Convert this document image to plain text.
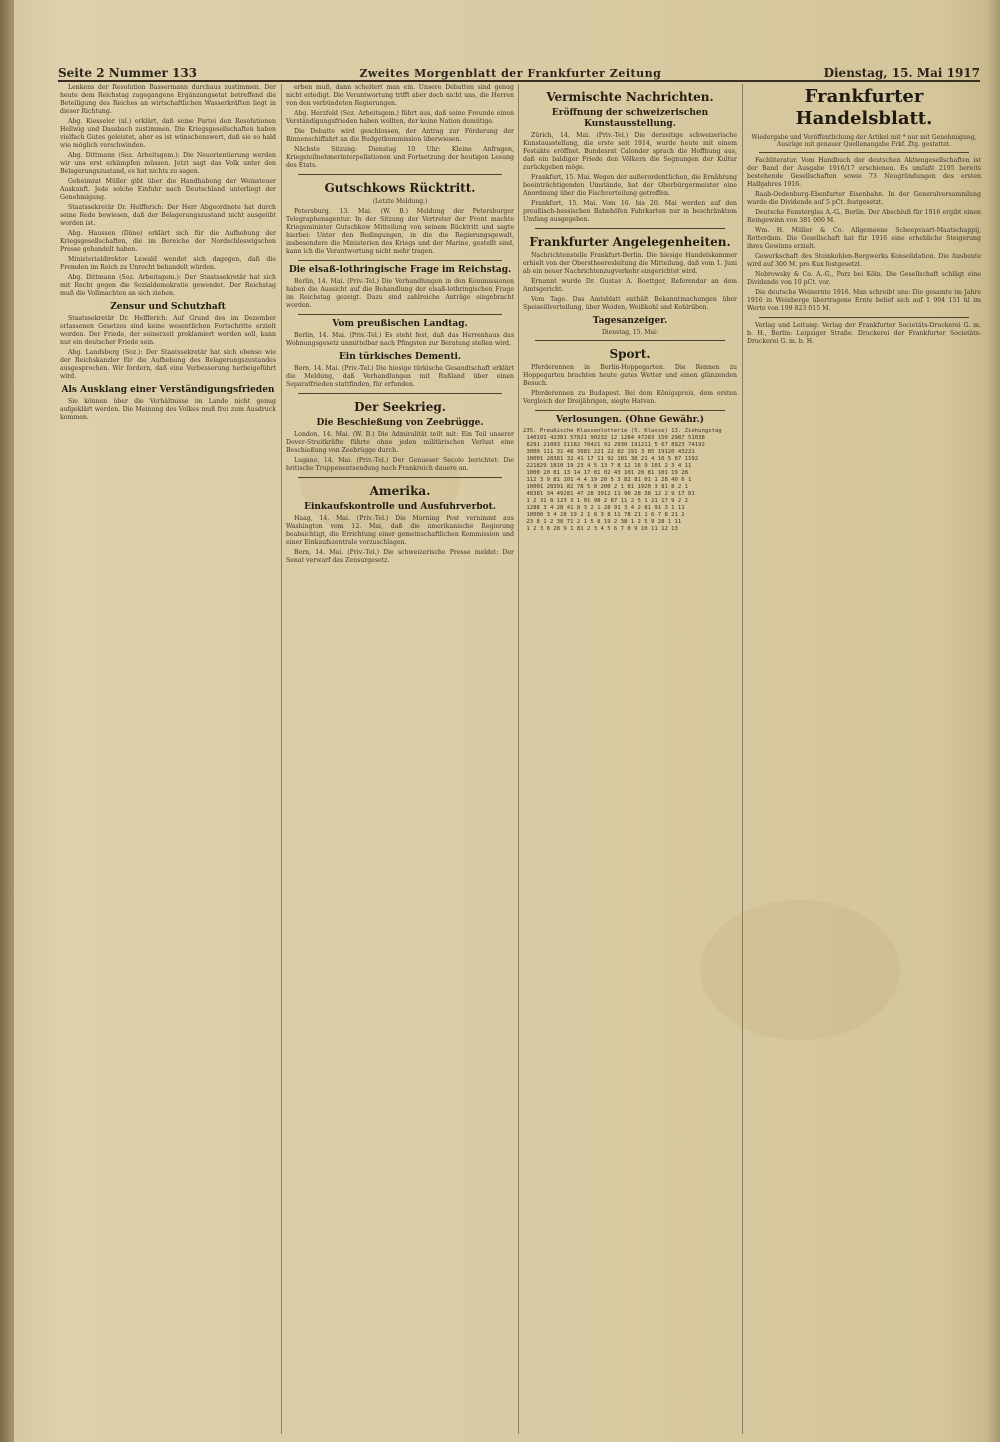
Seite 2 Nummer 133	Zweites Morgenblatt der Frankfurter Zeitung	Dienstag, 15. Mai 1917

Lenkens der Resolution Bassermann durchaus zustimmen. Der heute dem Reichstag zugegangene Ergänzungsetat betreffend die Beteiligung des Reiches an wirtschaftlichen Wasserkräften liegt in dieser Richtung.

Abg. Kiesseler (nl.) erklärt, daß seine Partei den Resolutionen Hellwig und Dassbach zustimmen. Die Kriegsgesellschaften haben vielfach Gutes geleistet, aber es ist wünschenswert, daß sie so bald wie möglich verschwinden.

Abg. Dittmann (Soz. Arbeitsgem.): Die Neuorientierung werden wir uns erst erkämpfen müssen. Jetzt sagt das Volk unter den Belagerungszustand, es hat nichts zu sagen.

Geheimrat Müller gibt über die Handhabung der Weinsteuer Auskunft. Jede solche Einfuhr nach Deutschland unterliegt der Genehmigung.

Staatssekretär Dr. Helfferich: Der Herr Abgeordnete hat durch seine Rede bewiesen, daß der Belagerungszustand nicht ausgeübt worden ist.

Abg. Haussen (Däne) erklärt sich für die Aufhebung der Kriegsgesellschaften, die im Bereiche der Nordschleswigschen Presse gehandelt haben.

Ministerialdirektor Lewald wendet sich dagegen, daß die Fremden im Reich zu Unrecht behandelt würden.

Abg. Dittmann (Soz. Arbeitsgem.): Der Staatssekretär hat sich mit Recht gegen die Sozialdemokratie gewendet. Der Reichstag muß die Vollmachten an sich ziehen.

Zensur und Schutzhaft

Staatssekretär Dr. Helfferich: Auf Grund des im Dezember erlassenen Gesetzes sind keine wesentlichen Fortschritte erzielt worden. Der Friede, der seinerzeit proklamiert werden soll, kann nur ein deutscher Friede sein.

Abg. Landsberg (Soz.): Der Staatssekretär hat sich ebenso wie der Reichskanzler für die Aufhebung des Belagerungszustandes ausgesprochen. Wir fordern, daß eine Verbesserung herbeigeführt wird.

Als Ausklang einer Verständigungsfrieden

Sie können über die Verhältnisse im Lande nicht genug aufgeklärt werden. Die Meinung des Volkes muß frei zum Ausdruck kommen.

erben muß, dann scheitert man ein. Unsere Debatten sind genug nicht erledigt. Die Verantwortung trifft aber doch nicht uns, die Herren von den verbündeten Regierungen.

Abg. Herzfeld (Soz. Arbeitsgem.) führt aus, daß seine Freunde einen Verständigungsfrieden haben wollten, der keine Nation demütige.

Die Debatte wird geschlossen, der Antrag zur Förderung der Binnenschiffahrt an die Budgetkommission überwiesen.

Nächste Sitzung: Dienstag 10 Uhr: Kleine Anfragen, Kriegsteilnehmerinterpellationen und Fortsetzung der heutigen Lesung des Etats.

Gutschkows Rücktritt.
(Letzte Meldung.)

Petersburg, 13. Mai. (W. B.) Meldung der Petersburger Telegraphenagentur. In der Sitzung der Vertreter der Front machte Kriegsminister Gutschkow Mitteilung von seinem Rücktritt und sagte hierbei: Unter den Bedingungen, in die die Regierungsgewalt, insbesondere die Ministerien des Kriegs und der Marine, gestellt sind, kann ich die Verantwortung nicht mehr tragen.

Die elsaß-lothringische Frage im Reichstag.

Berlin, 14. Mai. (Priv.-Tel.) Die Verhandlungen in den Kommissionen haben die Aussicht auf die Behandlung der elsaß-lothringischen Frage im Reichstag gezeigt. Dazu sind zahlreiche Anträge eingebracht worden.

Vom preußischen Landtag.

Berlin, 14. Mai. (Priv.-Tel.) Es steht fest, daß das Herrenhaus das Wohnungsgesetz unmittelbar nach Pfingsten zur Beratung stellen wird.

Ein türkisches Dementi.

Bern, 14. Mai. (Priv.-Tel.) Die hiesige türkische Gesandtschaft erklärt die Meldung, daß Verhandlungen mit Rußland über einen Separatfrieden stattfinden, für erfunden.

Der Seekrieg.
Die Beschießung von Zeebrügge.

London, 14. Mai. (W. B.) Die Admiralität teilt mit: Ein Teil unserer Dover-Streitkräfte führte ohne jeden militärischen Verlust eine Beschießung von Zeebrügge durch.

Lugano, 14. Mai. (Priv.-Tel.) Der Genueser Secolo berichtet: Die britische Truppenentsendung nach Frankreich dauere an.

Amerika.
Einkaufskontrolle und Ausfuhrverbot.

Haag, 14. Mai. (Priv.-Tel.) Die Morning Post vernimmt aus Washington vom 12. Mai, daß die amerikanische Regierung beabsichtigt, die Errichtung einer gemeinschaftlichen Kommission und einer Einkaufszentrale vorzuschlagen.

Bern, 14. Mai. (Priv.-Tel.) Die schweizerische Presse meldet: Der Senat verwarf das Zensurgesetz.

Vermischte Nachrichten.
Eröffnung der schweizerischen Kunstausstellung.

Zürich, 14. Mai. (Priv.-Tel.) Die derzeitige schweizerische Kunstausstellung, die erste seit 1914, wurde heute mit einem Festakte eröffnet. Bundesrat Calonder sprach die Hoffnung aus, daß ein baldiger Friede den Völkern die Segnungen der Kultur zurückgeben möge.

Frankfurt, 15. Mai. Wegen der außerordentlichen, die Ernährung beeinträchtigenden Umstände, hat der Oberbürgermeister eine Anordnung über die Fischverteilung getroffen.

Frankfurt, 15. Mai. Vom 16. bis 20. Mai werden auf den preußisch-hessischen Bahnhöfen Fahrkarten nur in beschränktem Umfang ausgegeben.

Frankfurter Angelegenheiten.

Nachrichtenstelle Frankfurt-Berlin. Die hiesige Handelskammer erhielt von der Oberstheeresleitung die Mitteilung, daß vom 1. Juni ab ein neuer Nachrichtenzugverkehr eingerichtet wird.

Ernannt wurde Dr. Gustav A. Boettger, Referendar an dem Amtsgericht.

Vom Tage. Das Amtsblatt enthält Bekanntmachungen über Speiseölverteilung, über Weiden, Weißkohl und Kohlrüben.

Tagesanzeiger.
Dienstag, 15. Mai:
Sport.

Pferderennen in Berlin-Hoppegarten. Die Rennen zu Hoppegarten brachten heute gutes Wetter und einen glänzenden Besuch.

Pferderennen zu Budapest. Bei dem Königspreis, dem ersten Vergleich der Dreijährigen, siegte Hatvan.

Verlosungen. (Ohne Gewähr.)
235. Preußische Klassenlotterie (5. Klasse) 13. Ziehungstag
140191 42381 57821 90232 12 1284 47283 150 2987 51038
8291 21093 31182 78421 92 2930 191211 5 67 8923 74192
3000 111 31 48 3981 221 22 82 191 3 85 19120 43221
10001 28381 32 41 17 11 92 181 38 21 4 10 5 87 1192
221829 1810 19 23 4 5 13 7 8 12 16 9 101 2 3 4 11
1000 20 81 13 14 17 81 02 43 101 20 81 101 19 28
112 3 9 81 101 4 4 19 20 5 3 82 81 01 1 28 40 6 1
10001 28391 82 78 5 8 200 2 1 81 1920 3 81 8 2 1
48381 34 49281 47 28 3912 11 90 28 38 12 2 9 17 81
1 2 31 8 123 3 1 01 98 2 87 11 2 5 1 21 17 9 2 2
1288 3 4 28 41 8 3 2 1 28 91 3 4 2 81 91 3 1 11
10000 3 4 28 19 2 1 8 3 8 11 78 21 1 6 7 8 21 2
23 8 1 2 38 71 2 1 5 8 19 2 38 1 2 5 9 28 1 11
1 2 3 8 28 9 1 81 2 3 4 5 6 7 8 9 10 11 12 13
Frankfurter Handelsblatt.
Wiedergabe und Veröffentlichung der Artikel mit * nur mit Genehmigung, Auszüge mit genauer Quellenangabe Frkf. Ztg. gestattet.

Fachliteratur. Vom Handbuch der deutschen Aktiengesellschaften ist der Band der Ausgabe 1916/17 erschienen. Es umfaßt 2195 bereits bestehende Gesellschaften sowie 73 Neugründungen des ersten Halbjahres 1916.

Raab-Oedenburg-Ebenfurter Eisenbahn. In der Generalversammlung wurde die Dividende auf 5 pCt. festgesetzt.

Deutsche Fensterglas A.-G., Berlin. Der Abschluß für 1916 ergibt einen Reingewinn von 381 000 M.

Wm. H. Müller & Co. Allgemeene Scheepvaart-Maatschappij, Rotterdam. Die Gesellschaft hat für 1916 eine erhebliche Steigerung ihres Gewinns erzielt.

Gewerkschaft des Steinkohlen-Bergwerks Konsolidation. Die Ausbeute wird auf 300 M. pro Kux festgesetzt.

Nebrowsky & Co. A.-G., Porz bei Köln. Die Gesellschaft schlägt eine Dividende von 10 pCt. vor.

Die deutsche Weinernte 1916. Man schreibt uns: Die gesamte im Jahre 1916 in Weinberge übertragene Ernte belief sich auf 1 904 151 hl im Werte von 199 823 015 M.

Verlag und Leitung: Verlag der Frankfurter Societäts-Druckerei G. m. b. H., Berlin: Leipziger Straße. Druckerei der Frankfurter Societäts-Druckerei G. m. b. H.
